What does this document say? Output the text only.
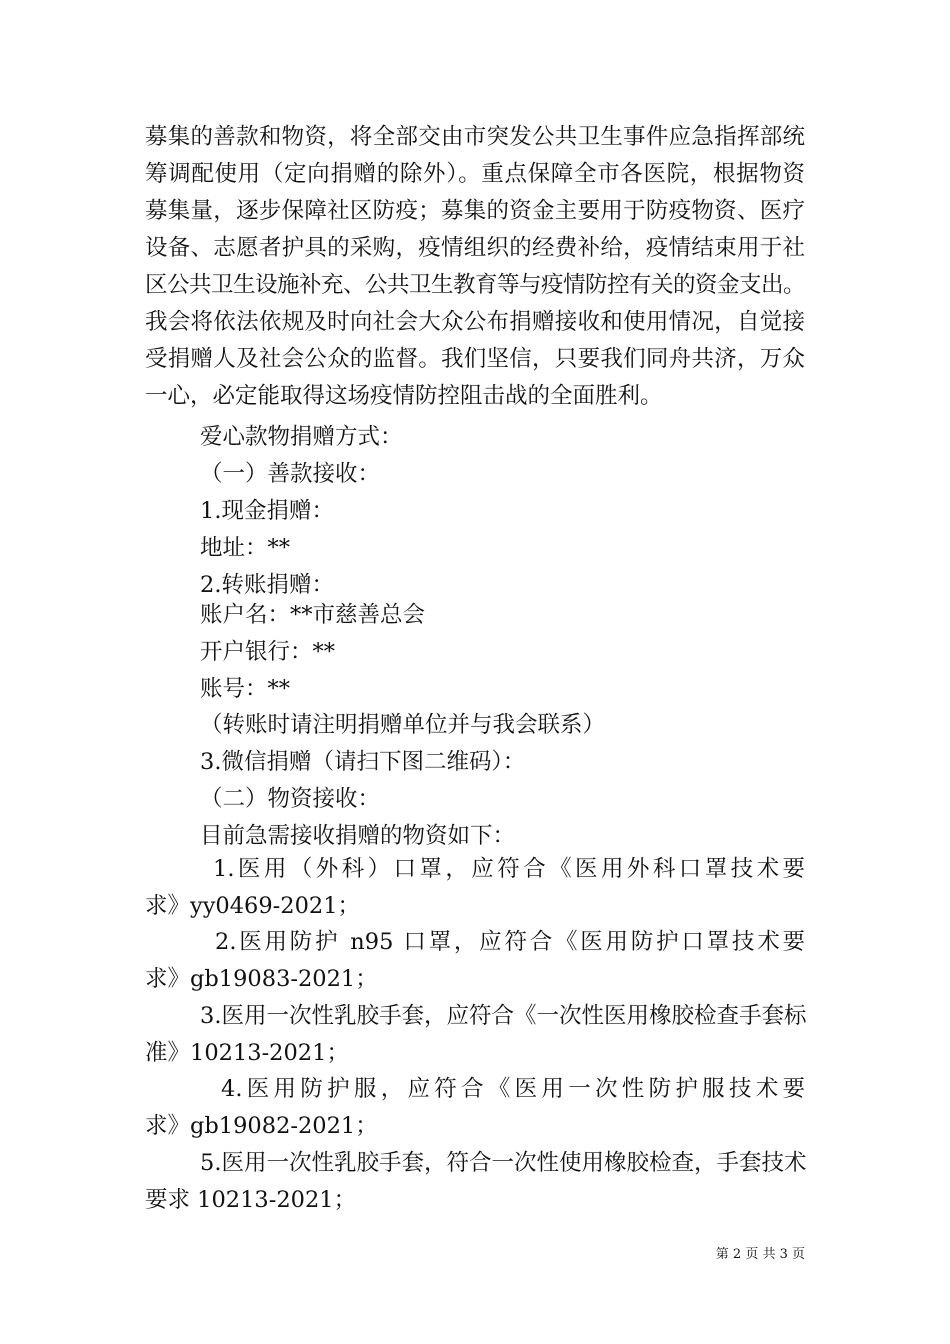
募集的善款和物资，将全部交由市突发公共卫生事件应急指挥部统
筹调配使用（定向捐赠的除外）。重点保障全市各医院，根据物资
募集量，逐步保障社区防疫；募集的资金主要用于防疫物资、医疗
设备、志愿者护具的采购，疫情组织的经费补给，疫情结束用于社
区公共卫生设施补充、公共卫生教育等与疫情防控有关的资金支出。
我会将依法依规及时向社会大众公布捐赠接收和使用情况，自觉接
受捐赠人及社会公众的监督。我们坚信，只要我们同舟共济，万众
一心，必定能取得这场疫情防控阻击战的全面胜利。
爱心款物捐赠方式：
（一）善款接收：
1.现金捐赠：
地址：**
2.转账捐赠：
账户名：**市慈善总会
开户银行：**
账号：**
（转账时请注明捐赠单位并与我会联系）
3.微信捐赠（请扫下图二维码）：
（二）物资接收：
目前急需接收捐赠的物资如下：
1.医用（外科）口罩，应符合《医用外科口罩技术要
求》yy0469-2021；
2.医用防护 n95 口罩，应符合《医用防护口罩技术要
求》gb19083-2021；
3.医用一次性乳胶手套，应符合《一次性医用橡胶检查手套标
准》10213-2021；
4.医用防护服，应符合《医用一次性防护服技术要
求》gb19082-2021；
5.医用一次性乳胶手套，符合一次性使用橡胶检查，手套技术
要求 10213-2021；
第 2 页 共 3 页
